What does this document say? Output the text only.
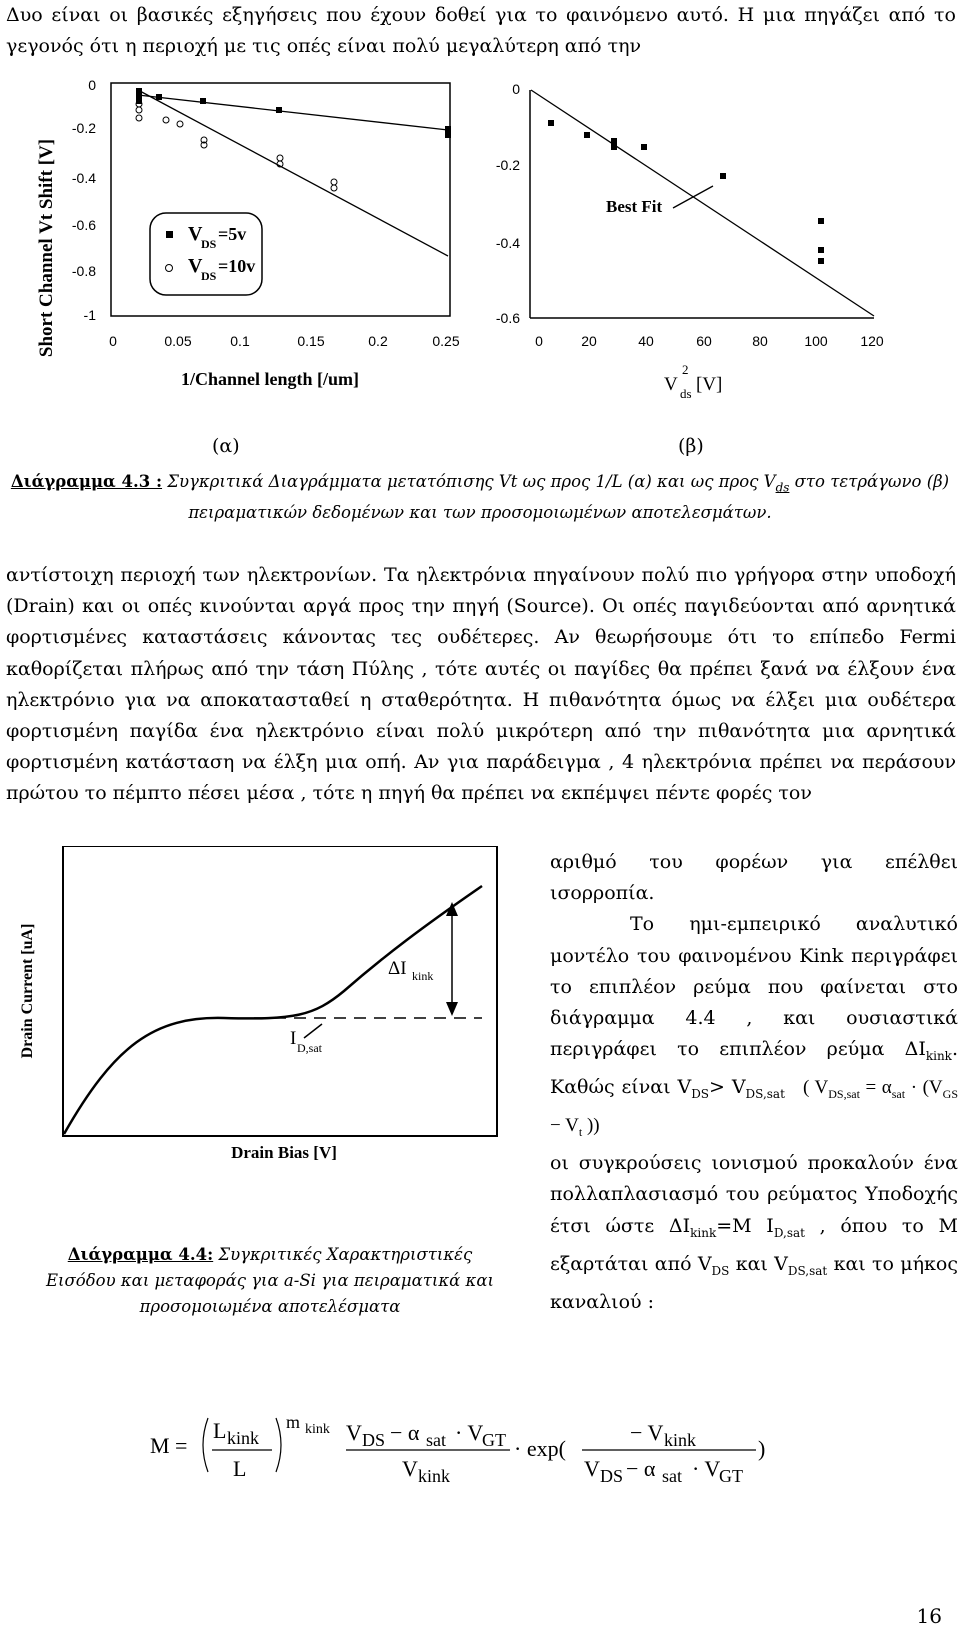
Δυο είναι οι βασικές εξηγήσεις που έχουν δοθεί για το φαινόμενο αυτό. Η μια πηγάζει από το γεγονός ότι η περιοχή με τις οπές είναι πολύ μεγαλύτερη από την

Short Channel Vt Shift [V]
0
-0.2
-0.4
-0.6
-0.8
-1
V
DS =5v
V
DS =10v
0	0.05	0.1	0.15	0.2	0.25
1/Channel length [/um]
0
-0.2
-0.4
-0.6
Best Fit
0	20	40	60	80	100 120
V ds
2
[V]
(α)	(β)
Διάγραμμα 4.3 : Συγκριτικά Διαγράμματα μετατόπισης Vt ως προς 1/L (α) και ως προς $V_{ds}$ στο τετράγωνο (β)
πειραματικών δεδομένων και των προσομοιωμένων αποτελεσμάτων.

αντίστοιχη περιοχή των ηλεκτρονίων. Τα ηλεκτρόνια πηγαίνουν πολύ πιο γρήγορα στην υποδοχή (Drain) και οι οπές κινούνται αργά προς την πηγή (Source). Οι οπές παγιδεύονται από αρνητικά φορτισμένες καταστάσεις κάνοντας τες ουδέτερες. Αν θεωρήσουμε ότι το επίπεδο Fermi καθορίζεται πλήρως από την τάση Πύλης , τότε αυτές οι παγίδες θα πρέπει ξανά να έλξουν ένα ηλεκτρόνιο για να αποκατασταθεί η σταθερότητα. Η πιθανότητα όμως να έλξει μια ουδέτερα φορτισμένη παγίδα ένα ηλεκτρόνιο είναι πολύ μικρότερη από την πιθανότητα μια αρνητικά φορτισμένη κατάσταση να έλξη μια οπή. Αν για παράδειγμα , 4 ηλεκτρόνια πρέπει να περάσουν πρώτου το πέμπτο πέσει μέσα , τότε η πηγή θα πρέπει να εκπέμψει πέντε φορές τον

Drain Current [uA]	ΔI kink
I D,sat
Drain Bias [V]
Διάγραμμα 4.4: Συγκριτικές Χαρακτηριστικές Εισόδου και μεταφοράς για a-Si για πειραματικά και προσομοιωμένα αποτελέσματα

αριθμό του φορέων για επέλθει ισορροπία.

Το ημι-εμπειρικό αναλυτικό μοντέλο του φαινομένου Kink περιγράφει το επιπλέον ρεύμα που φαίνεται στο διάγραμμα 4.4 , και ουσιαστικά περιγράφει το επιπλέον ρεύμα $\Delta I_{kink}$. Καθώς είναι $V_{DS}> V_{DS,sat}$   ( $V_{DS,sat} = \alpha_{sat} \cdot (V_{GS} - V_t$ ))

οι συγκρούσεις ιονισμού προκαλούν ένα πολλαπλασιασμό του ρεύματος Υποδοχής έτσι ώστε $\Delta I_{kink}=M$ $I_{D,sat}$ , όπου το M εξαρτάται από $V_{DS}$ και $V_{DS,sat}$ και το μήκος καναλιού :

M =
L kink
L
m kink V DS − α sat · V
GT
V kink
· exp(
− V kink
V DS − α sat · V
GT
)
16
